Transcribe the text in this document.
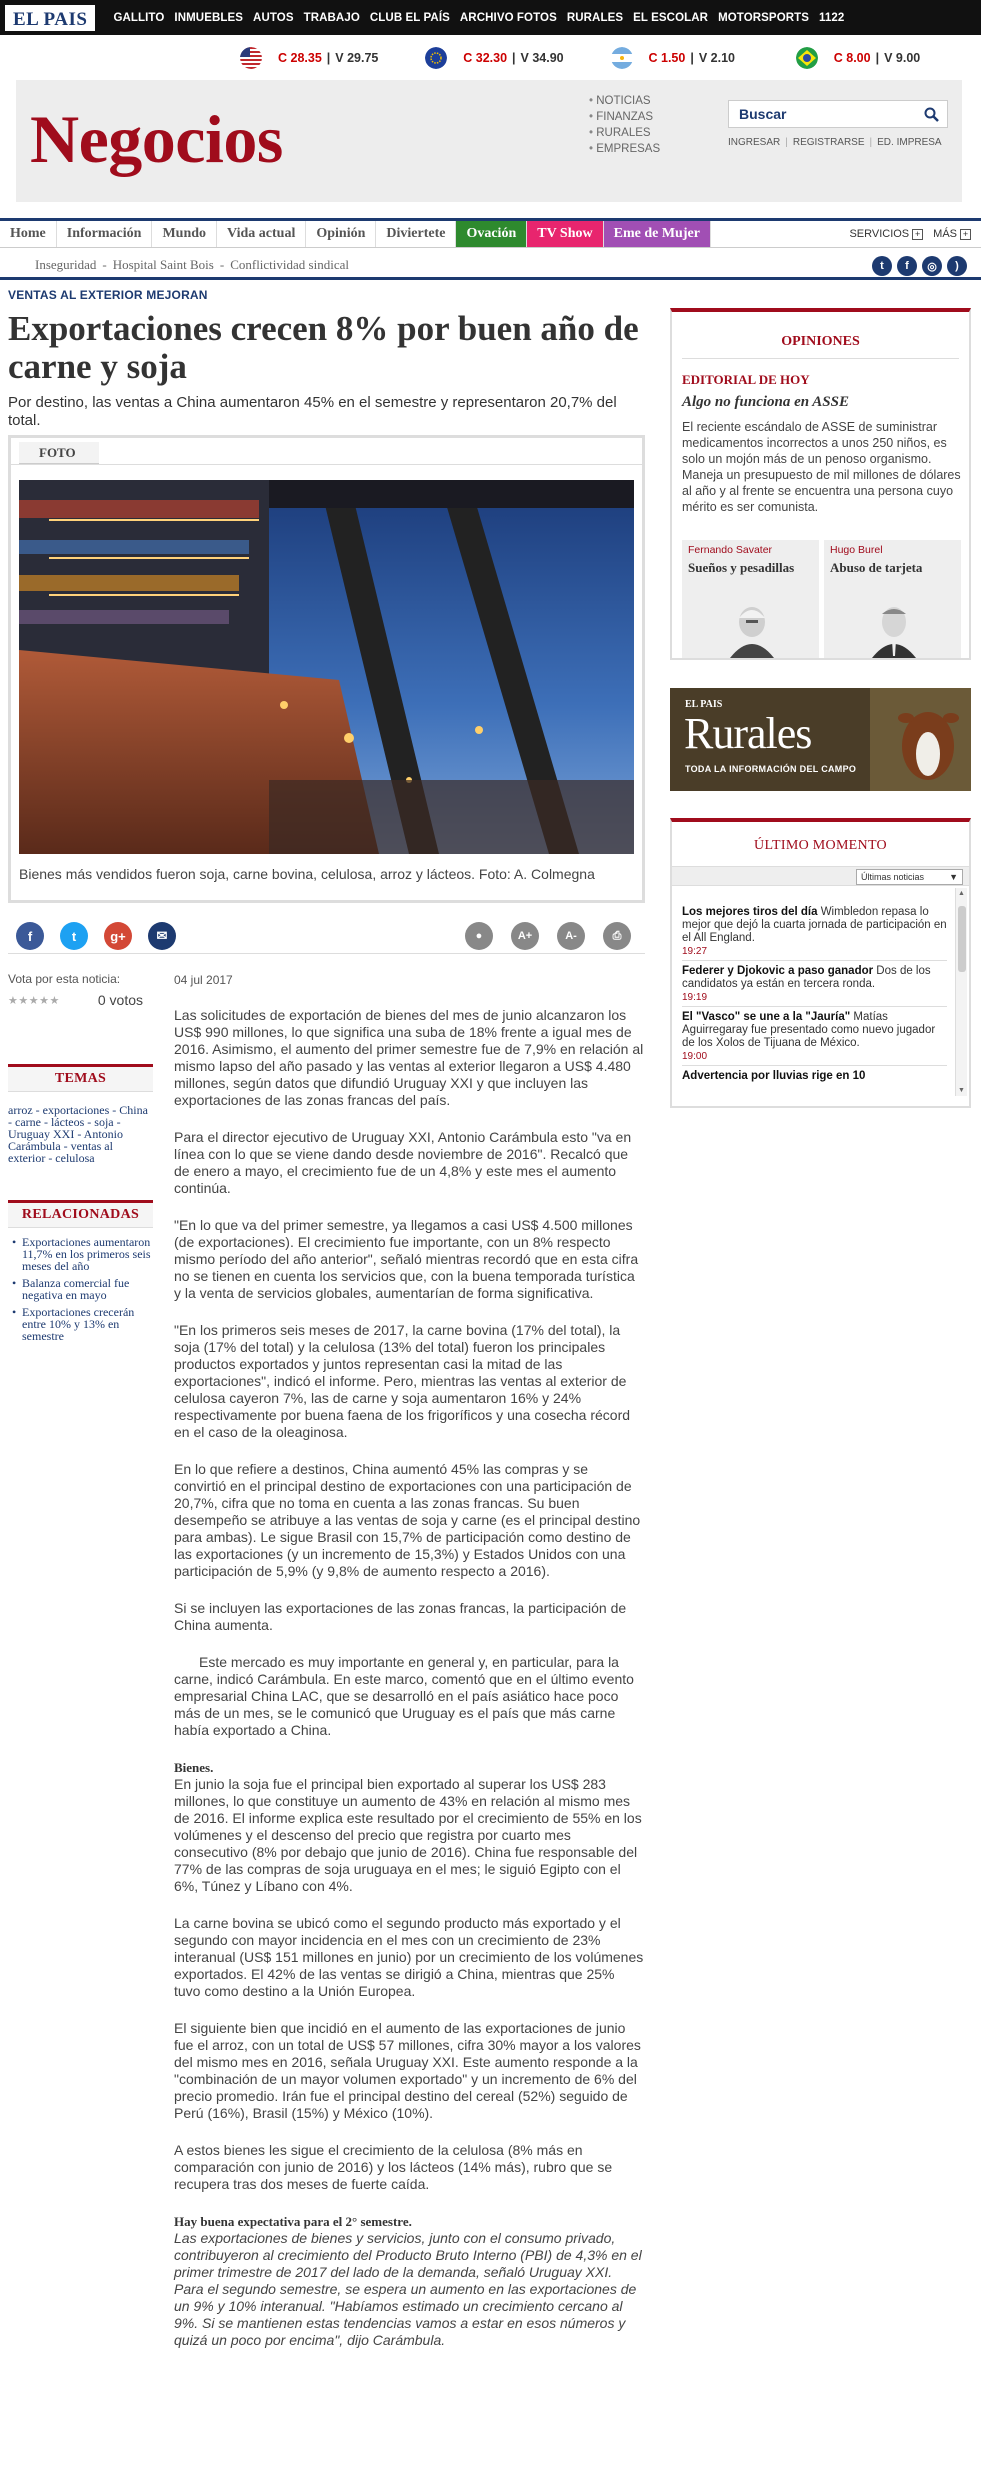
EL PAIS	GALLITO INMUEBLES AUTOS TRABAJO CLUB EL PAÍS ARCHIVO FOTOS RURALES EL ESCOLAR MOTORSPORTS 1122
C 28.35 | V 29.75	C 32.30 | V 34.90	C 1.50 | V 2.10	C 8.00 | V 9.00
Negocios
•	NOTICIAS
• FINANZAS
• RURALES
• EMPRESAS
Buscar
INGRESAR | REGISTRARSE | ED. IMPRESA
Home	Información	Mundo	Vida actual	Opinión	Diviertete	Ovación	TV Show	Eme de Mujer	SERVICIOS + MÁS +
Inseguridad - Hospital Saint Bois - Conflictividad sindical	t	f	◎	)
VENTAS AL EXTERIOR MEJORAN
Exportaciones crecen 8% por buen año de carne y soja
Por destino, las ventas a China aumentaron 45% en el semestre y representaron 20,7% del total.
FOTO
Bienes más vendidos fueron soja, carne bovina, celulosa, arroz y lácteos. Foto: A. Colmegna
f	t	g+	✉	●	A+	A-	⎙
Vota por esta noticia:
★★★★★	0 votos
TEMAS
arroz - exportaciones - China - carne - lácteos - soja - Uruguay XXI - Antonio Carámbula - ventas al exterior - celulosa
RELACIONADAS
• Exportaciones aumentaron 11,7% en los primeros seis meses del año
• Balanza comercial fue negativa en mayo
• Exportaciones crecerán entre 10% y 13% en semestre
04 jul 2017

Las solicitudes de exportación de bienes del mes de junio alcanzaron los US$ 990 millones, lo que significa una suba de 18% frente a igual mes de 2016. Asimismo, el aumento del primer semestre fue de 7,9% en relación al mismo lapso del año pasado y las ventas al exterior llegaron a US$ 4.480 millones, según datos que difundió Uruguay XXI y que incluyen las exportaciones de las zonas francas del país.

Para el director ejecutivo de Uruguay XXI, Antonio Carámbula esto "va en línea con lo que se viene dando desde noviembre de 2016". Recalcó que de enero a mayo, el crecimiento fue de un 4,8% y este mes el aumento continúa.

"En lo que va del primer semestre, ya llegamos a casi US$ 4.500 millones (de exportaciones). El crecimiento fue importante, con un 8% respecto mismo período del año anterior", señaló mientras recordó que en esta cifra no se tienen en cuenta los servicios que, con la buena temporada turística y la venta de servicios globales, aumentarían de forma significativa.

"En los primeros seis meses de 2017, la carne bovina (17% del total), la soja (17% del total) y la celulosa (13% del total) fueron los principales productos exportados y juntos representan casi la mitad de las exportaciones", indicó el informe. Pero, mientras las ventas al exterior de celulosa cayeron 7%, las de carne y soja aumentaron 16% y 24% respectivamente por buena faena de los frigoríficos y una cosecha récord en el caso de la oleaginosa.

En lo que refiere a destinos, China aumentó 45% las compras y se convirtió en el principal destino de exportaciones con una participación de 20,7%, cifra que no toma en cuenta a las zonas francas. Su buen desempeño se atribuye a las ventas de soja y carne (es el principal destino para ambas). Le sigue Brasil con 15,7% de participación como destino de las exportaciones (y un incremento de 15,3%) y Estados Unidos con una participación de 5,9% (y 9,8% de aumento respecto a 2016).

Si se incluyen las exportaciones de las zonas francas, la participación de China aumenta.

Este mercado es muy importante en general y, en particular, para la carne, indicó Carámbula. En este marco, comentó que en el último evento empresarial China LAC, que se desarrolló en el país asiático hace poco más de un mes, se le comunicó que Uruguay es el país que más carne había exportado a China.

Bienes.
En junio la soja fue el principal bien exportado al superar los US$ 283 millones, lo que constituye un aumento de 43% en relación al mismo mes de 2016. El informe explica este resultado por el crecimiento de 55% en los volúmenes y el descenso del precio que registra por cuarto mes consecutivo (8% por debajo que junio de 2016). China fue responsable del 77% de las compras de soja uruguaya en el mes; le siguió Egipto con el 6%, Túnez y Líbano con 4%.

La carne bovina se ubicó como el segundo producto más exportado y el segundo con mayor incidencia en el mes con un crecimiento de 23% interanual (US$ 151 millones en junio) por un crecimiento de los volúmenes exportados. El 42% de las ventas se dirigió a China, mientras que 25% tuvo como destino a la Unión Europea.

El siguiente bien que incidió en el aumento de las exportaciones de junio fue el arroz, con un total de US$ 57 millones, cifra 30% mayor a los valores del mismo mes en 2016, señala Uruguay XXI. Este aumento responde a la "combinación de un mayor volumen exportado" y un incremento de 6% del precio promedio. Irán fue el principal destino del cereal (52%) seguido de Perú (16%), Brasil (15%) y México (10%).

A estos bienes les sigue el crecimiento de la celulosa (8% más en comparación con junio de 2016) y los lácteos (14% más), rubro que se recupera tras dos meses de fuerte caída.

Hay buena expectativa para el 2° semestre.
Las exportaciones de bienes y servicios, junto con el consumo privado, contribuyeron al crecimiento del Producto Bruto Interno (PBI) de 4,3% en el primer trimestre de 2017 del lado de la demanda, señaló Uruguay XXI. Para el segundo semestre, se espera un aumento en las exportaciones de un 9% y 10% interanual. "Habíamos estimado un crecimiento cercano al 9%. Si se mantienen estas tendencias vamos a estar en esos números y quizá un poco por encima", dijo Carámbula.

OPINIONES
EDITORIAL DE HOY
Algo no funciona en ASSE
El reciente escándalo de ASSE de suministrar medicamentos incorrectos a unos 250 niños, es solo un mojón más de un penoso organismo. Maneja un presupuesto de mil millones de dólares al año y al frente se encuentra una persona cuyo mérito es ser comunista.
Fernando Savater
Sueños y pesadillas
Hugo Burel
Abuso de tarjeta
EL PAIS
Rurales
TODA LA INFORMACIÓN DEL CAMPO
ÚLTIMO MOMENTO
Últimas noticias	▼
Los mejores tiros del día Wimbledon repasa lo mejor que dejó la cuarta jornada de participación en el All England.
19:27
Federer y Djokovic a paso ganador Dos de los candidatos ya están en tercera ronda.
19:19
El "Vasco" se une a la "Jauría" Matías Aguirregaray fue presentado como nuevo jugador de los Xolos de Tijuana de México.
19:00
Advertencia por lluvias rige en 10
▲
▼
